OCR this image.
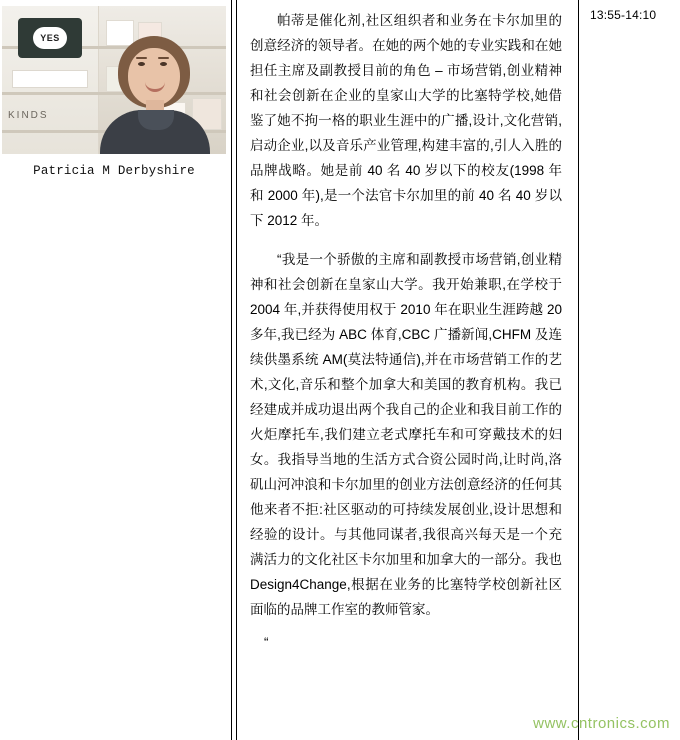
YES
KINDS
Patricia M Derbyshire

帕蒂是催化剂,社区组织者和业务在卡尔加里的创意经济的领导者。在她的两个她的专业实践和在她担任主席及副教授目前的角色 – 市场营销,创业精神和社会创新在企业的皇家山大学的比塞特学校,她借鉴了她不拘一格的职业生涯中的广播,设计,文化营销,启动企业,以及音乐产业管理,构建丰富的,引人入胜的品牌战略。她是前 40 名 40 岁以下的校友(1998 年和 2000 年),是一个法官卡尔加里的前 40 名 40 岁以下 2012 年。

“我是一个骄傲的主席和副教授市场营销,创业精神和社会创新在皇家山大学。我开始兼职,在学校于 2004 年,并获得使用权于 2010 年在职业生涯跨越 20 多年,我已经为 ABC 体育,CBC 广播新闻,CHFM 及连续供墨系统 AM(莫法特通信),并在市场营销工作的艺术,文化,音乐和整个加拿大和美国的教育机构。我已经建成并成功退出两个我自己的企业和我目前工作的火炬摩托车,我们建立老式摩托车和可穿戴技术的妇女。我指导当地的生活方式合资公园时尚,让时尚,洛矶山河冲浪和卡尔加里的创业方法创意经济的任何其他来者不拒:社区驱动的可持续发展创业,设计思想和经验的设计。与其他同谋者,我很高兴每天是一个充满活力的文化社区卡尔加里和加拿大的一部分。我也 Design4Change,根据在业务的比塞特学校创新社区面临的品牌工作室的教师管家。

“

13:55-14:10
www.cntronics.com
